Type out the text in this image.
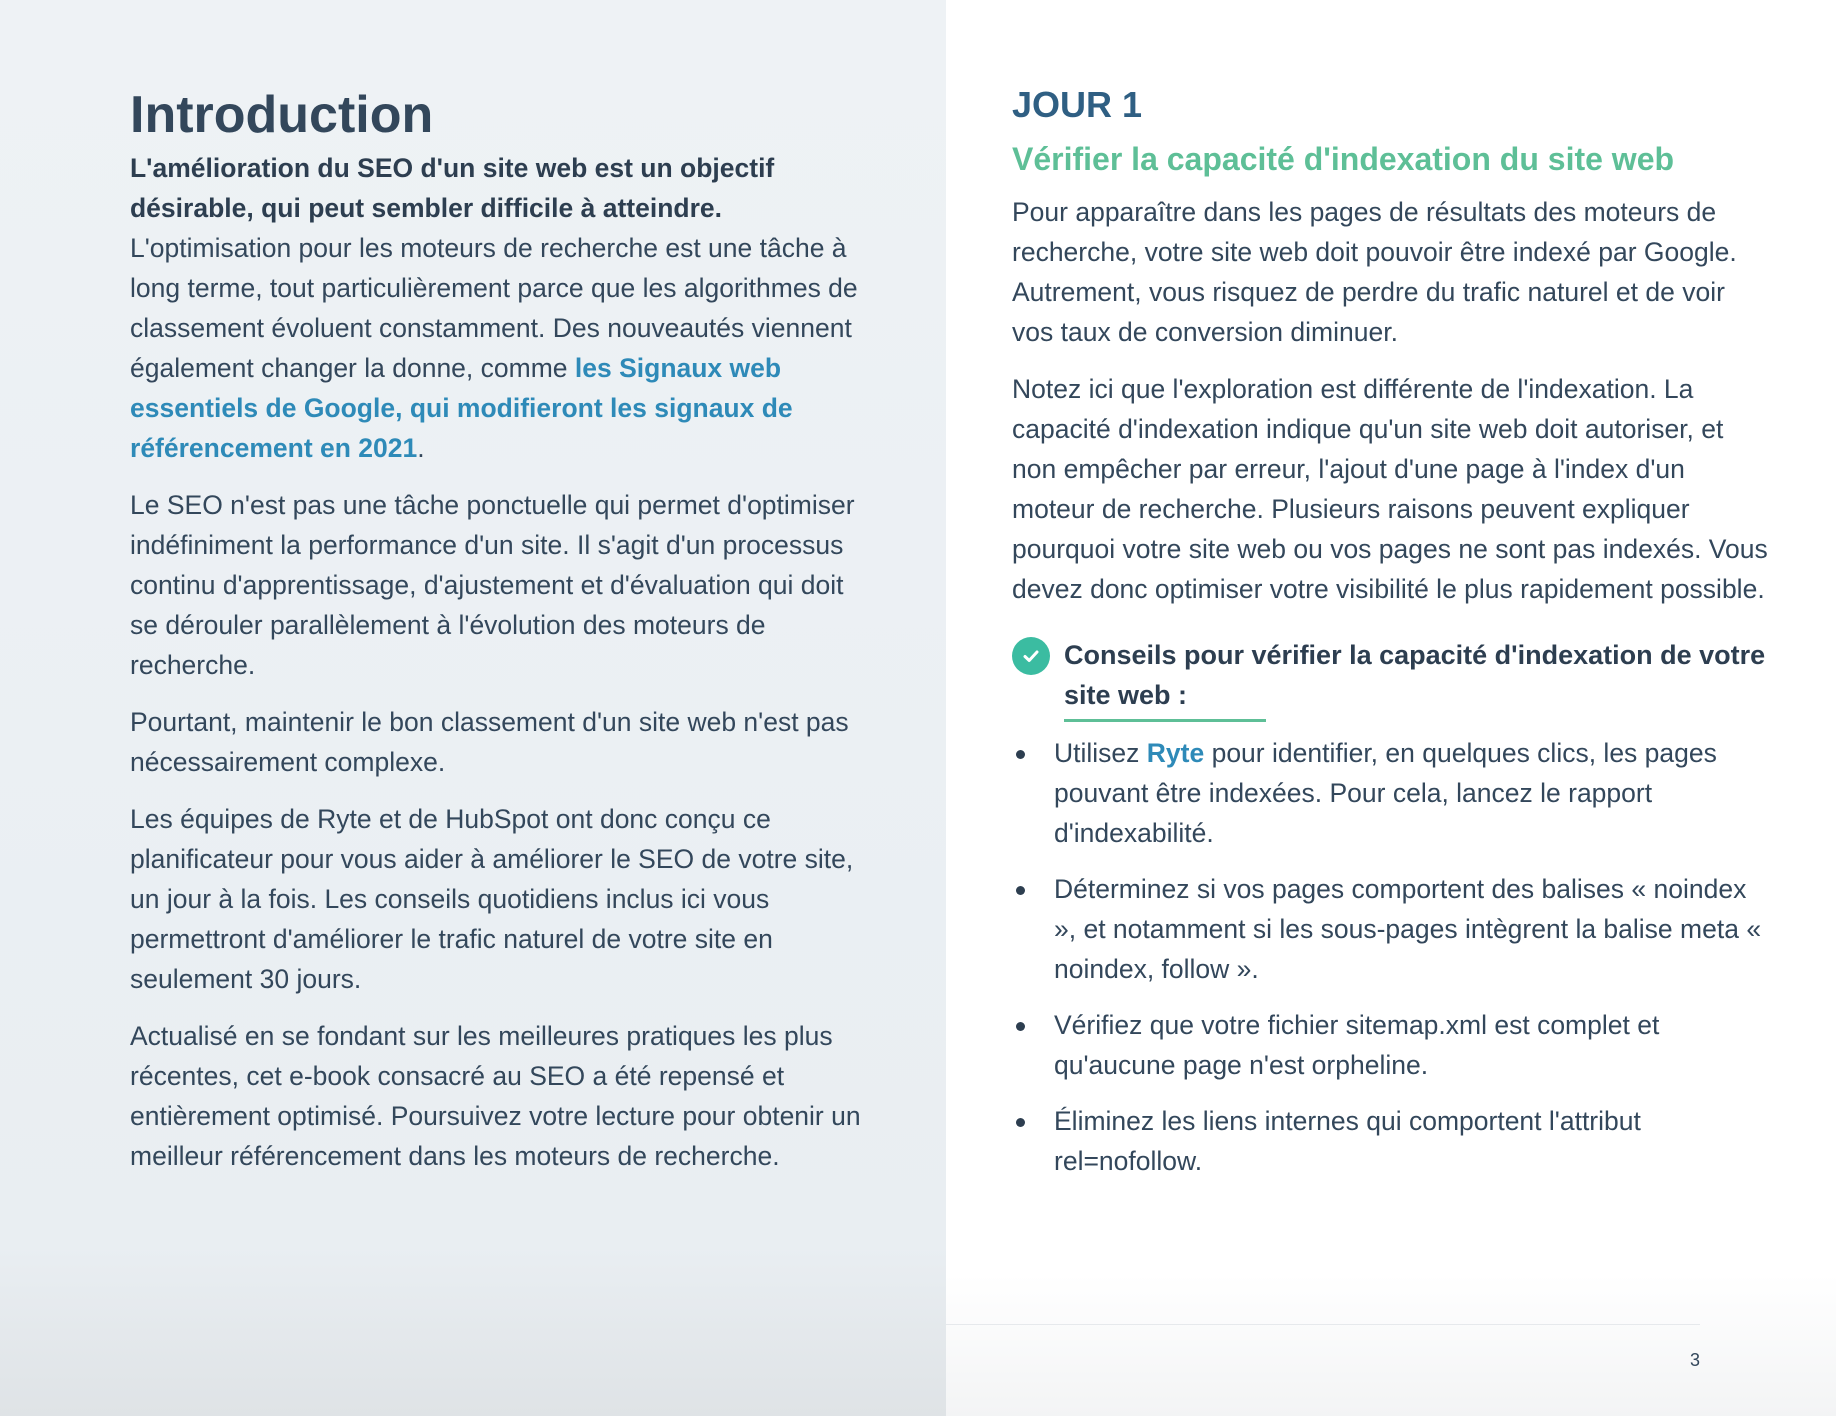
Introduction

L'amélioration du SEO d'un site web est un objectif désirable, qui peut sembler difficile à atteindre. L'optimisation pour les moteurs de recherche est une tâche à long terme, tout particulièrement parce que les algorithmes de classement évoluent constamment. Des nouveautés viennent également changer la donne, comme les Signaux web essentiels de Google, qui modifieront les signaux de référencement en 2021.

Le SEO n'est pas une tâche ponctuelle qui permet d'optimiser indéfiniment la performance d'un site. Il s'agit d'un processus continu d'apprentissage, d'ajustement et d'évaluation qui doit se dérouler parallèlement à l'évolution des moteurs de recherche.

Pourtant, maintenir le bon classement d'un site web n'est pas nécessairement complexe.

Les équipes de Ryte et de HubSpot ont donc conçu ce planificateur pour vous aider à améliorer le SEO de votre site, un jour à la fois. Les conseils quotidiens inclus ici vous permettront d'améliorer le trafic naturel de votre site en seulement 30 jours.

Actualisé en se fondant sur les meilleures pratiques les plus récentes, cet e-book consacré au SEO a été repensé et entièrement optimisé. Poursuivez votre lecture pour obtenir un meilleur référencement dans les moteurs de recherche.

JOUR 1
Vérifier la capacité d'indexation du site web

Pour apparaître dans les pages de résultats des moteurs de recherche, votre site web doit pouvoir être indexé par Google. Autrement, vous risquez de perdre du trafic naturel et de voir vos taux de conversion diminuer.

Notez ici que l'exploration est différente de l'indexation. La capacité d'indexation indique qu'un site web doit autoriser, et non empêcher par erreur, l'ajout d'une page à l'index d'un moteur de recherche. Plusieurs raisons peuvent expliquer pourquoi votre site web ou vos pages ne sont pas indexés. Vous devez donc optimiser votre visibilité le plus rapidement possible.

Conseils pour vérifier la capacité d'indexation de votre site web :
Utilisez Ryte pour identifier, en quelques clics, les pages pouvant être indexées. Pour cela, lancez le rapport d'indexabilité.
Déterminez si vos pages comportent des balises « noindex », et notamment si les sous-pages intègrent la balise meta « noindex, follow ».
Vérifiez que votre fichier sitemap.xml est complet et qu'aucune page n'est orpheline.
Éliminez les liens internes qui comportent l'attribut rel=nofollow.
3
